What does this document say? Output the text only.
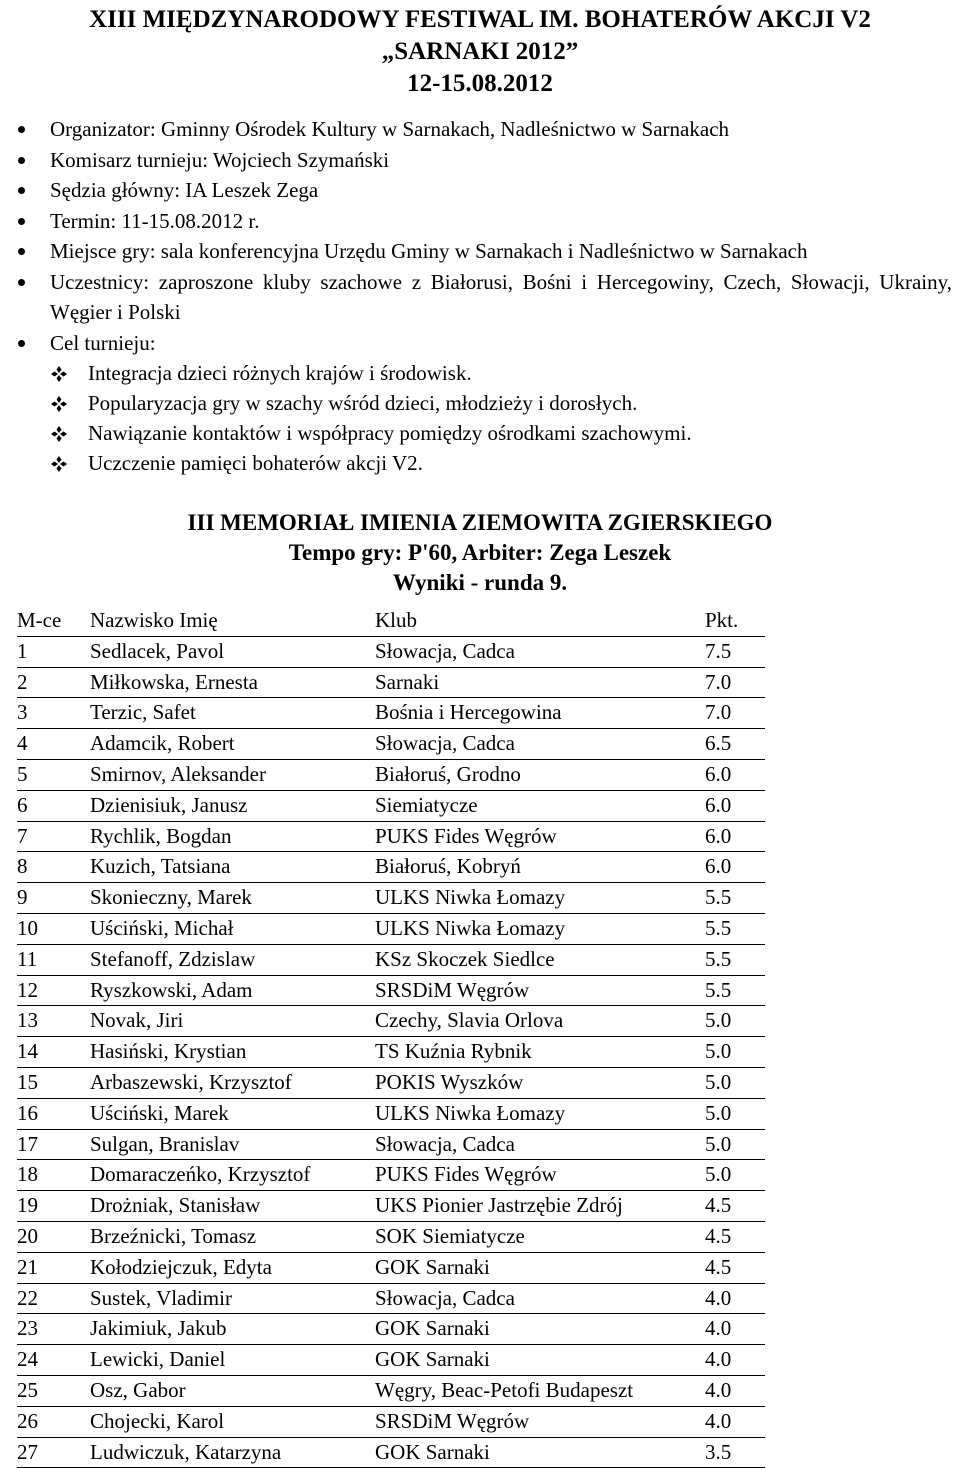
XIII MIĘDZYNARODOWY FESTIWAL IM. BOHATERÓW AKCJI V2
„SARNAKI 2012”
12-15.08.2012
Organizator: Gminny Ośrodek Kultury w Sarnakach, Nadleśnictwo w Sarnakach
Komisarz turnieju: Wojciech Szymański
Sędzia główny: IA Leszek Zega
Termin: 11-15.08.2012 r.
Miejsce gry: sala konferencyjna Urzędu Gminy w Sarnakach i Nadleśnictwo w Sarnakach
Uczestnicy: zaproszone kluby szachowe z Białorusi, Bośni i Hercegowiny, Czech, Słowacji, Ukrainy, Węgier i Polski
Cel turnieju:
Integracja dzieci różnych krajów i środowisk.
Popularyzacja gry w szachy wśród dzieci, młodzieży i dorosłych.
Nawiązanie kontaktów i współpracy pomiędzy ośrodkami szachowymi.
Uczczenie pamięci bohaterów akcji V2.
III MEMORIAŁ IMIENIA ZIEMOWITA ZGIERSKIEGO
Tempo gry: P'60, Arbiter: Zega Leszek
Wyniki - runda 9.
M-ce	Nazwisko Imię	Klub	Pkt.
1	Sedlacek, Pavol	Słowacja, Cadca	7.5
2	Miłkowska, Ernesta	Sarnaki	7.0
3	Terzic, Safet	Bośnia i Hercegowina	7.0
4	Adamcik, Robert	Słowacja, Cadca	6.5
5	Smirnov, Aleksander	Białoruś, Grodno	6.0
6	Dzienisiuk, Janusz	Siemiatycze	6.0
7	Rychlik, Bogdan	PUKS Fides Węgrów	6.0
8	Kuzich, Tatsiana	Białoruś, Kobryń	6.0
9	Skonieczny, Marek	ULKS Niwka Łomazy	5.5
10	Uściński, Michał	ULKS Niwka Łomazy	5.5
11	Stefanoff, Zdzislaw	KSz Skoczek Siedlce	5.5
12	Ryszkowski, Adam	SRSDiM Węgrów	5.5
13	Novak, Jiri	Czechy, Slavia Orlova	5.0
14	Hasiński, Krystian	TS Kuźnia Rybnik	5.0
15	Arbaszewski, Krzysztof	POKIS Wyszków	5.0
16	Uściński, Marek	ULKS Niwka Łomazy	5.0
17	Sulgan, Branislav	Słowacja, Cadca	5.0
18	Domaraczeńko, Krzysztof	PUKS Fides Węgrów	5.0
19	Drożniak, Stanisław	UKS Pionier Jastrzębie Zdrój	4.5
20	Brzeźnicki, Tomasz	SOK Siemiatycze	4.5
21	Kołodziejczuk, Edyta	GOK Sarnaki	4.5
22	Sustek, Vladimir	Słowacja, Cadca	4.0
23	Jakimiuk, Jakub	GOK Sarnaki	4.0
24	Lewicki, Daniel	GOK Sarnaki	4.0
25	Osz, Gabor	Węgry, Beac-Petofi Budapeszt	4.0
26	Chojecki, Karol	SRSDiM Węgrów	4.0
27	Ludwiczuk, Katarzyna	GOK Sarnaki	3.5
